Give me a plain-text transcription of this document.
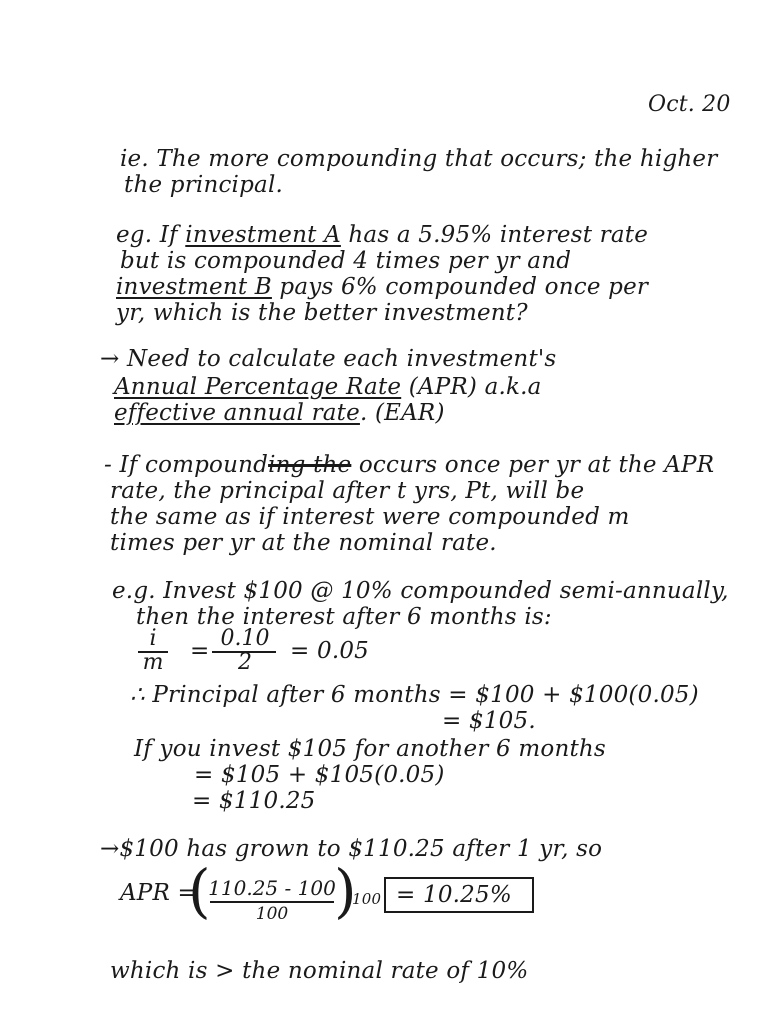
Oct. 20
ie. The more compounding that occurs; the higher
the principal.
eg. If investment A has a 5.95% interest rate
but is compounded 4 times per yr and
investment B pays 6% compounded once per
yr, which is the better investment?
→ Need to calculate each investment's
Annual Percentage Rate (APR) a.k.a
effective annual rate. (EAR)
- If compounding the occurs once per yr at the APR
rate, the principal after t yrs, Pt, will be
the same as if interest were compounded m
times per yr at the nominal rate.
e.g. Invest $100 @ 10% compounded semi-annually,
then the interest after 6 months is:
i
m = 0.10
2	= 0.05
∴ Principal after 6 months = $100 + $100(0.05)
= $105.
If you invest $105 for another 6 months
= $105 + $105(0.05)
= $110.25
→$100 has grown to $110.25 after 1 yr, so
APR =
(
110.25 - 100
100 )
100 = 10.25%
which is > the nominal rate of 10%
